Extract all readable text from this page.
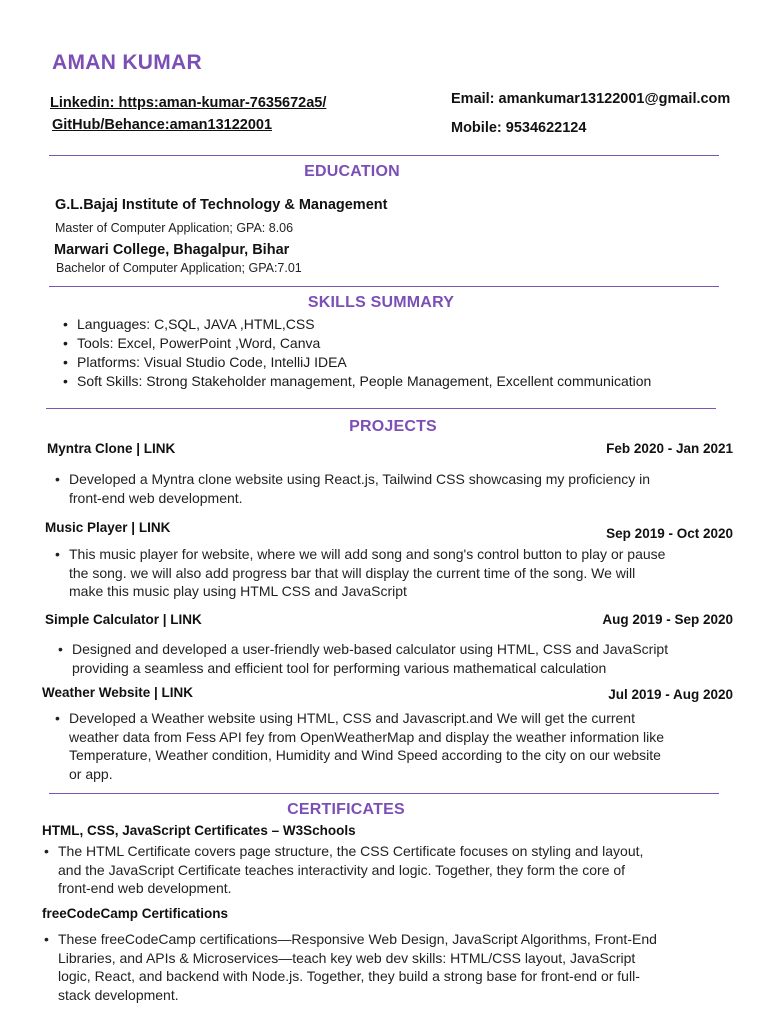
AMAN KUMAR
Linkedin: https:aman-kumar-7635672a5/
GitHub/Behance:aman13122001
Email: amankumar13122001@gmail.com
Mobile: 9534622124
EDUCATION
G.L.Bajaj Institute of Technology & Management
Master of Computer Application; GPA: 8.06
Marwari College, Bhagalpur, Bihar
Bachelor of Computer Application; GPA:7.01
SKILLS SUMMARY
• Languages: C,SQL, JAVA ,HTML,CSS
• Tools: Excel, PowerPoint ,Word, Canva
• Platforms: Visual Studio Code, IntelliJ IDEA
• Soft Skills: Strong Stakeholder management, People Management, Excellent communication
PROJECTS
Myntra Clone | LINK	Feb 2020 - Jan 2021
• Developed a Myntra clone website using React.js, Tailwind CSS showcasing my proficiency in
front-end web development.
Music Player | LINK	Sep 2019 - Oct 2020
• This music player for website, where we will add song and song's control button to play or pause
the song. we will also add progress bar that will display the current time of the song. We will
make this music play using HTML CSS and JavaScript
Simple Calculator | LINK	Aug 2019 - Sep 2020
• Designed and developed a user-friendly web-based calculator using HTML, CSS and JavaScript
providing a seamless and efficient tool for performing various mathematical calculation
Weather Website | LINK	Jul 2019 - Aug 2020
• Developed a Weather website using HTML, CSS and Javascript.and We will get the current
weather data from Fess API fey from OpenWeatherMap and display the weather information like
Temperature, Weather condition, Humidity and Wind Speed according to the city on our website
or app.
CERTIFICATES
HTML, CSS, JavaScript Certificates – W3Schools
• The HTML Certificate covers page structure, the CSS Certificate focuses on styling and layout,
and the JavaScript Certificate teaches interactivity and logic. Together, they form the core of
front-end web development.
freeCodeCamp Certifications
• These freeCodeCamp certifications—Responsive Web Design, JavaScript Algorithms, Front-End
Libraries, and APIs & Microservices—teach key web dev skills: HTML/CSS layout, JavaScript
logic, React, and backend with Node.js. Together, they build a strong base for front-end or full-
stack development.
